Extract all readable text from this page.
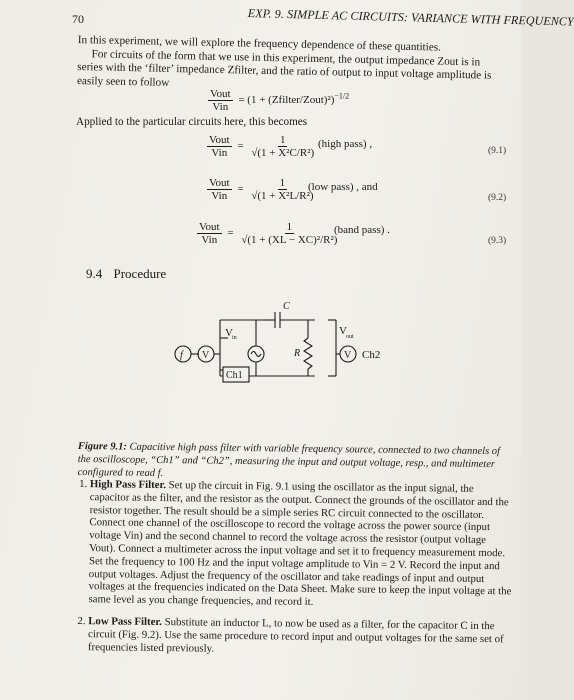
70	EXP. 9. SIMPLE AC CIRCUITS: VARIANCE WITH FREQUENCY

In this experiment, we will explore the frequency dependence of these quantities.

For circuits of the form that we use in this experiment, the output impedance Zout is in series with the ‘filter’ impedance Zfilter, and the ratio of output to input voltage amplitude is easily seen to follow

$\frac{\text{Vout}}{\text{Vin}} = (1$ + (Zfilter/Zout)²)$^{-1/2}$
Applied to the particular circuits here, this becomes
$\frac{\text{Vout}}{\text{Vin}} = \frac{1}{\text{√(1 + X²C/R²)}}$ (high pass) ,
(9.1)
$\frac{\text{Vout}}{\text{Vin}} = \frac{1}{\text{√(1 + X²L/R²)}}$
(low pass) , and
(9.2)
$\frac{\text{Vout}}{\text{Vin}} = \frac{1}{\text{√(1 + (XL − XC)²/R²)}}$
(band pass) .
(9.3)
9.4 Procedure
f V
V in
C
R
V out
V
Ch1
Ch2
Figure 9.1: Capacitive high pass filter with variable frequency source, connected to two channels of the oscilloscope, “Ch1” and “Ch2”, measuring the input and output voltage, resp., and multimeter configured to read f.
1. High Pass Filter. Set up the circuit in Fig. 9.1 using the oscillator as the input signal, the capacitor as the filter, and the resistor as the output. Connect the grounds of the oscillator and the resistor together. The result should be a simple series RC circuit connected to the oscillator. Connect one channel of the oscilloscope to record the voltage across the power source (input voltage Vin) and the second channel to record the voltage across the resistor (output voltage Vout). Connect a multimeter across the input voltage and set it to frequency measurement mode. Set the frequency to 100 Hz and the input voltage amplitude to Vin = 2 V. Record the input and output voltages. Adjust the frequency of the oscillator and take readings of input and output voltages at the frequencies indicated on the Data Sheet. Make sure to keep the input voltage at the same level as you change frequencies, and record it.
2. Low Pass Filter. Substitute an inductor L, to now be used as a filter, for the capacitor C in the circuit (Fig. 9.2). Use the same procedure to record input and output voltages for the same set of frequencies listed previously.
